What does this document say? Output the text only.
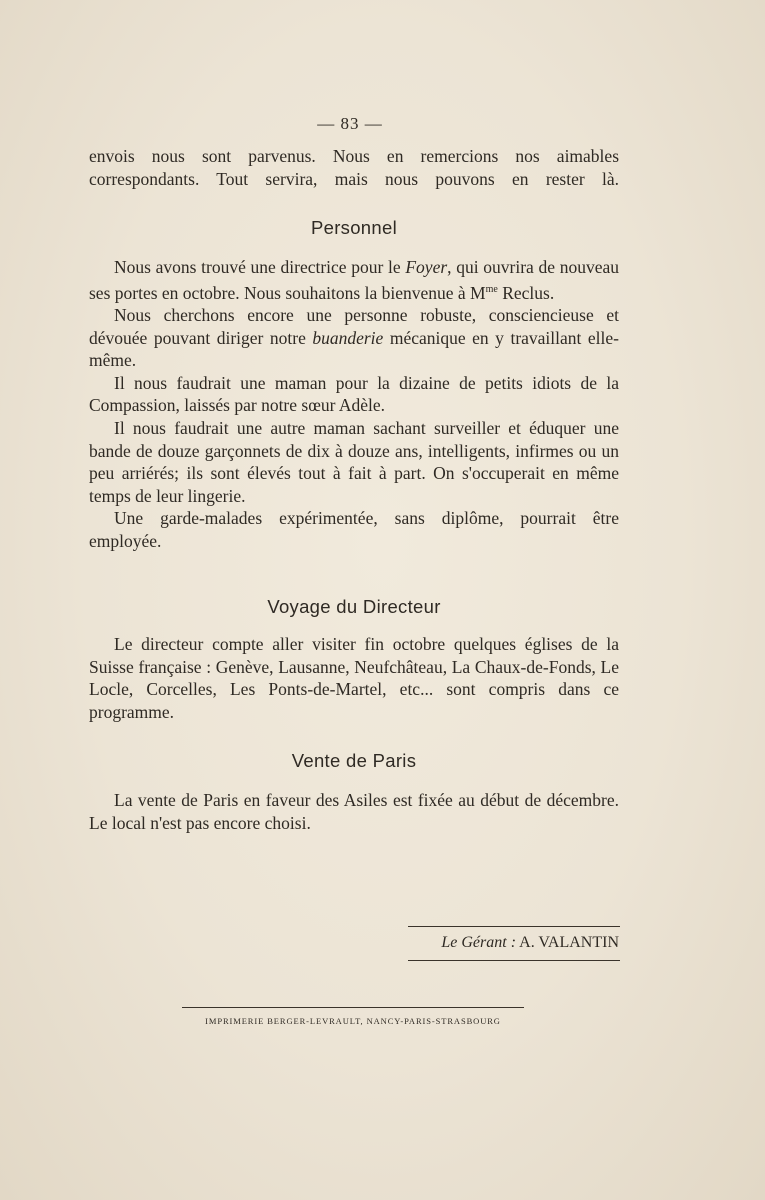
— 83 —
envois nous sont parvenus. Nous en remercions nos aimables
correspondants. Tout servira, mais nous pouvons en rester là.
Personnel

Nous avons trouvé une directrice pour le Foyer, qui ouvrira de nouveau ses portes en octobre. Nous souhaitons la bienvenue à $M^{me}$ Reclus.

Nous cherchons encore une personne robuste, consciencieuse et dévouée pouvant diriger notre buanderie mécanique en y travaillant elle-même.

Il nous faudrait une maman pour la dizaine de petits idiots de la Compassion, laissés par notre sœur Adèle.

Il nous faudrait une autre maman sachant surveiller et éduquer une bande de douze garçonnets de dix à douze ans, intelligents, infirmes ou un peu arriérés; ils sont élevés tout à fait à part. On s'occuperait en même temps de leur lingerie.

Une garde-malades expérimentée, sans diplôme, pourrait être employée.

Voyage du Directeur

Le directeur compte aller visiter fin octobre quelques églises de la Suisse française : Genève, Lausanne, Neufchâteau, La Chaux-de-Fonds, Le Locle, Corcelles, Les Ponts-de-Martel, etc... sont compris dans ce programme.

Vente de Paris

La vente de Paris en faveur des Asiles est fixée au début de décembre. Le local n'est pas encore choisi.

Le Gérant : A. VALANTIN
IMPRIMERIE BERGER-LEVRAULT, NANCY-PARIS-STRASBOURG
